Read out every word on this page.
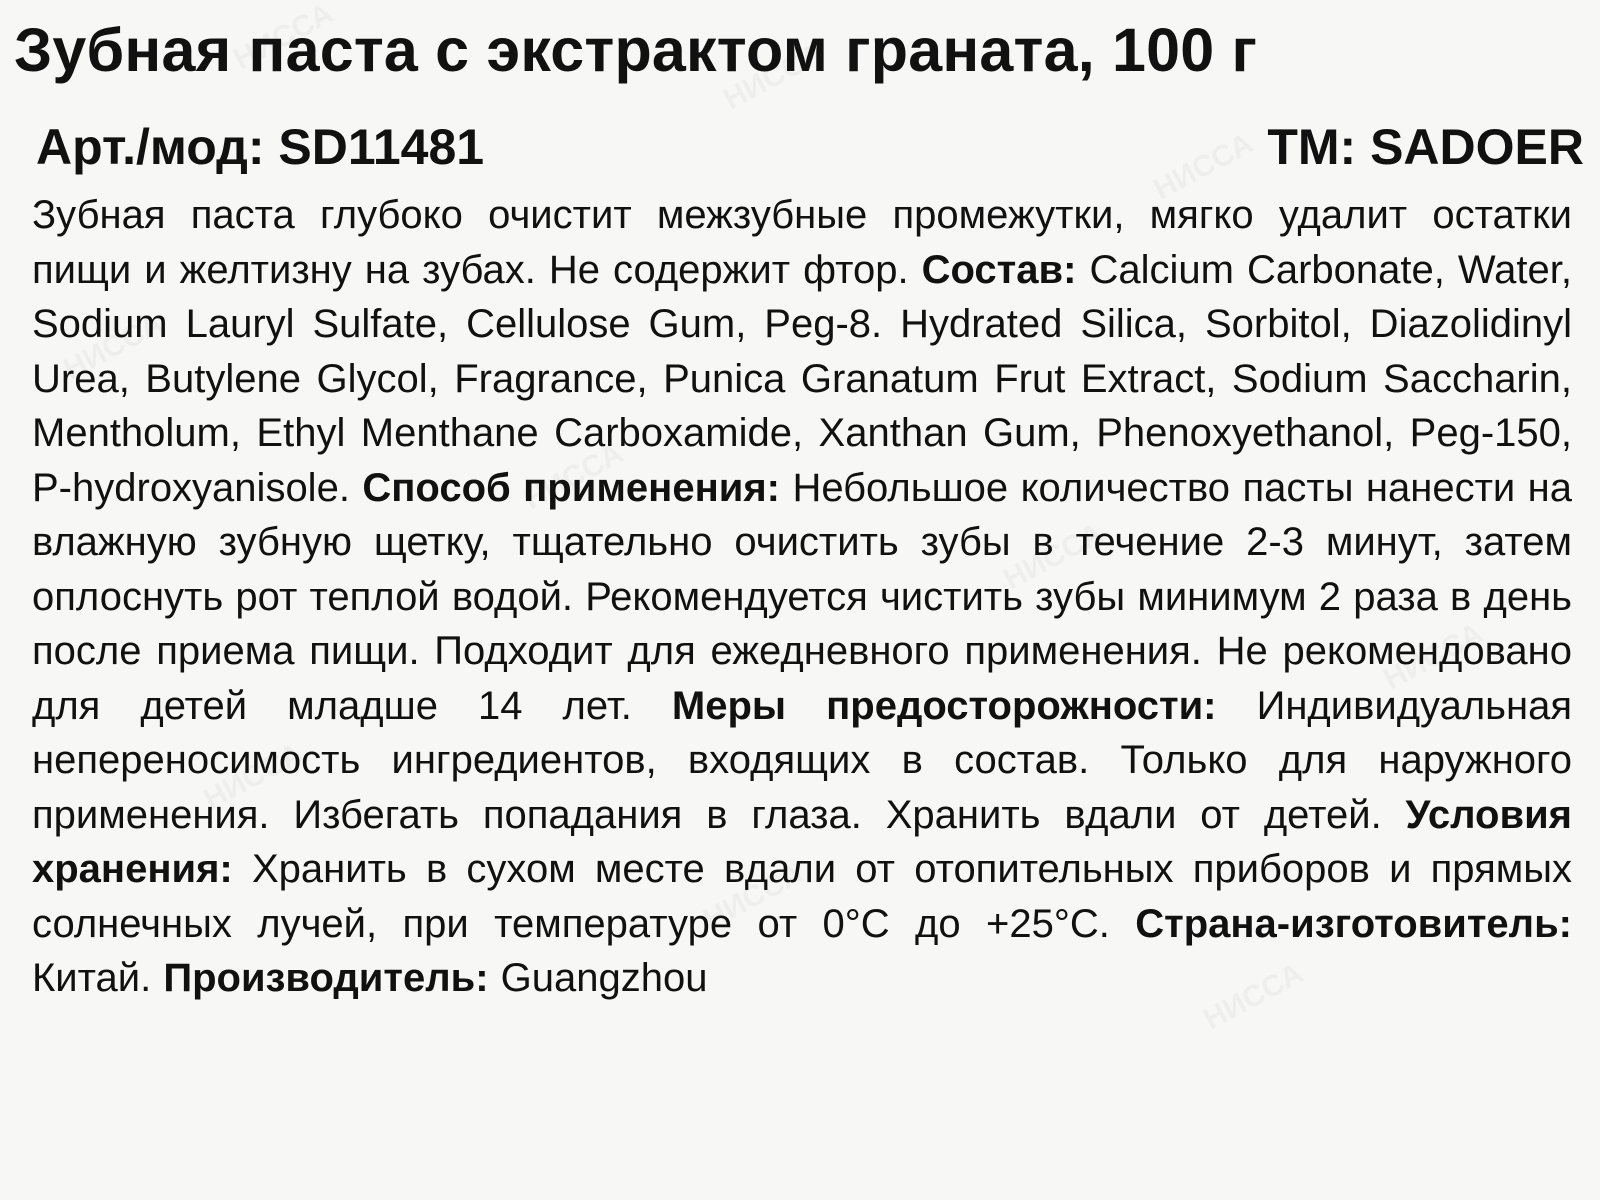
Зубная паста с экстрактом граната, 100 г
Арт./мод: SD11481	ТМ: SADOER
Зубная паста глубоко очистит межзубные промежутки, мягко удалит остатки пищи и желтизну на зубах. Не содержит фтор. Состав: Calcium Carbonate, Water, Sodium Lauryl Sulfate, Cellulose Gum, Peg-8. Hydrated Silica, Sorbitol, Diazolidinyl Urea, Butylene Glycol, Fragrance, Punica Granatum Frut Extract, Sodium Saccharin, Mentholum, Ethyl Menthane Carboxamide, Xanthan Gum, Phenoxyethanol, Peg-150, P-hydroxyanisole. Способ применения: Небольшое количество пасты нанести на влажную зубную щетку, тщательно очистить зубы в течение 2-3 минут, затем оплоснуть рот теплой водой. Рекомендуется чистить зубы минимум 2 раза в день после приема пищи. Подходит для ежедневного применения. Не рекомендовано для детей младше 14 лет. Меры предосторожности: Индивидуальная непереносимость ингредиентов, входящих в состав. Только для наружного применения. Избегать попадания в глаза. Хранить вдали от детей. Условия хранения: Хранить в сухом месте вдали от отопительных приборов и прямых солнечных лучей, при температуре от 0°С до +25°С. Страна-изготовитель: Китай. Производитель: Guangzhou
